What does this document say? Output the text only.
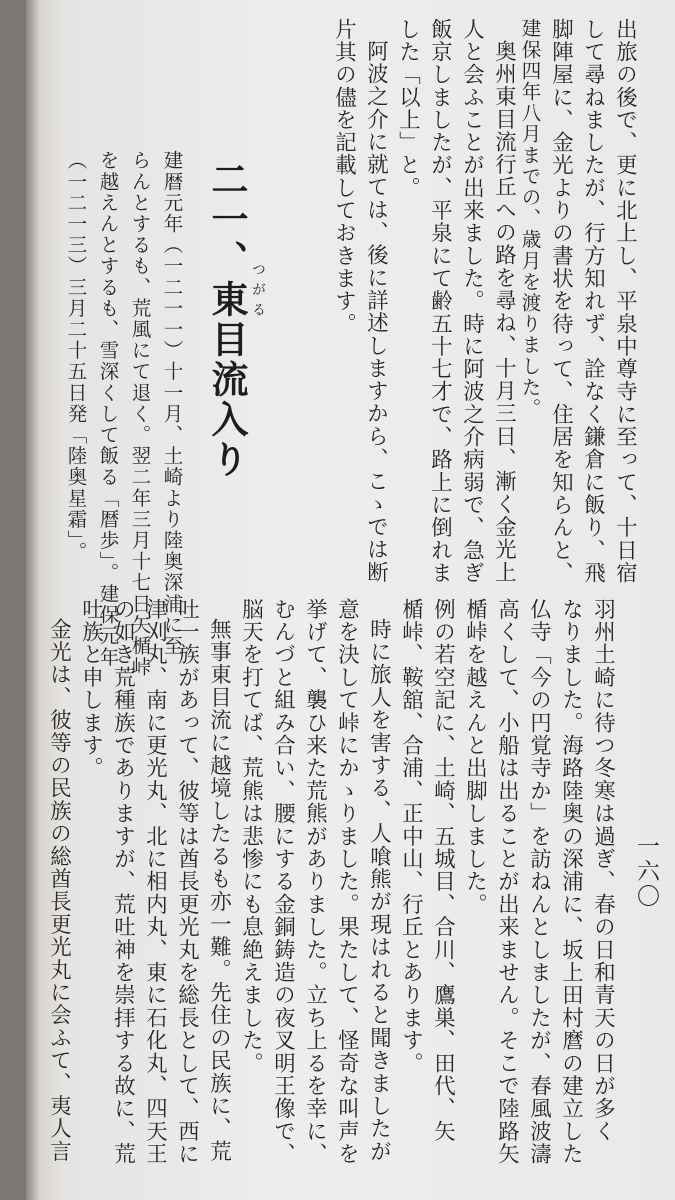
出旅の後で、更に北上し、平泉中尊寺に至って、十日宿
して尋ねましたが、行方知れず、詮なく鎌倉に飯り、飛
脚陣屋に、金光よりの書状を待って、住居を知らんと、
建保四年八月までの、歳月を渡りました。
奥州東目流行丘への路を尋ね、十月三日、漸く金光上
人と会ふことが出来ました。時に阿波之介病弱で、急ぎ
飯京しましたが、平泉にて齢五十七才で、路上に倒れま
した「以上」と。
阿波之介に就ては、後に詳述しますから、こゝでは断
片其の儘を記載しておきます。
二一、東目流入り つがる
建暦元年（一二一一）十一月、土崎より陸奥深浦に至
らんとするも、荒風にて退く。翌二年三月十七日矢楯峠
を越えんとするも、雪深くして飯る「暦歩」。建保元年
（一二一三）三月二十五日発「陸奥星霜」。
羽州土崎に待つ冬寒は過ぎ、春の日和青天の日が多く
なりました。海路陸奥の深浦に、坂上田村麿の建立した
仏寺「今の円覚寺か」を訪ねんとしましたが、春風波濤
高くして、小船は出ることが出来ません。そこで陸路矢
楯峠を越えんと出脚しました。
例の若空記に、土崎、五城目、合川、鷹巣、田代、矢
楯峠、鞍舘、合浦、正中山、行丘とあります。
時に旅人を害する、人喰熊が現はれると聞きましたが
意を決して峠にかゝりました。果たして、怪奇な叫声を
挙げて、襲ひ来た荒熊がありました。立ち上るを幸に、
むんづと組み合い、腰にする金銅鋳造の夜叉明王像で、
脳天を打てば、荒熊は悲惨にも息絶えました。
無事東目流に越境したるも亦一難。先住の民族に、荒
吐一族があって、彼等は酋長更光丸を総長として、西に
津刈丸、南に更光丸、北に相内丸、東に石化丸、四天王
の如き荒種族でありますが、荒吐神を崇拝する故に、荒
吐族と申します。
金光は、彼等の民族の総酋長更光丸に会ふて、夷人言	一六〇
